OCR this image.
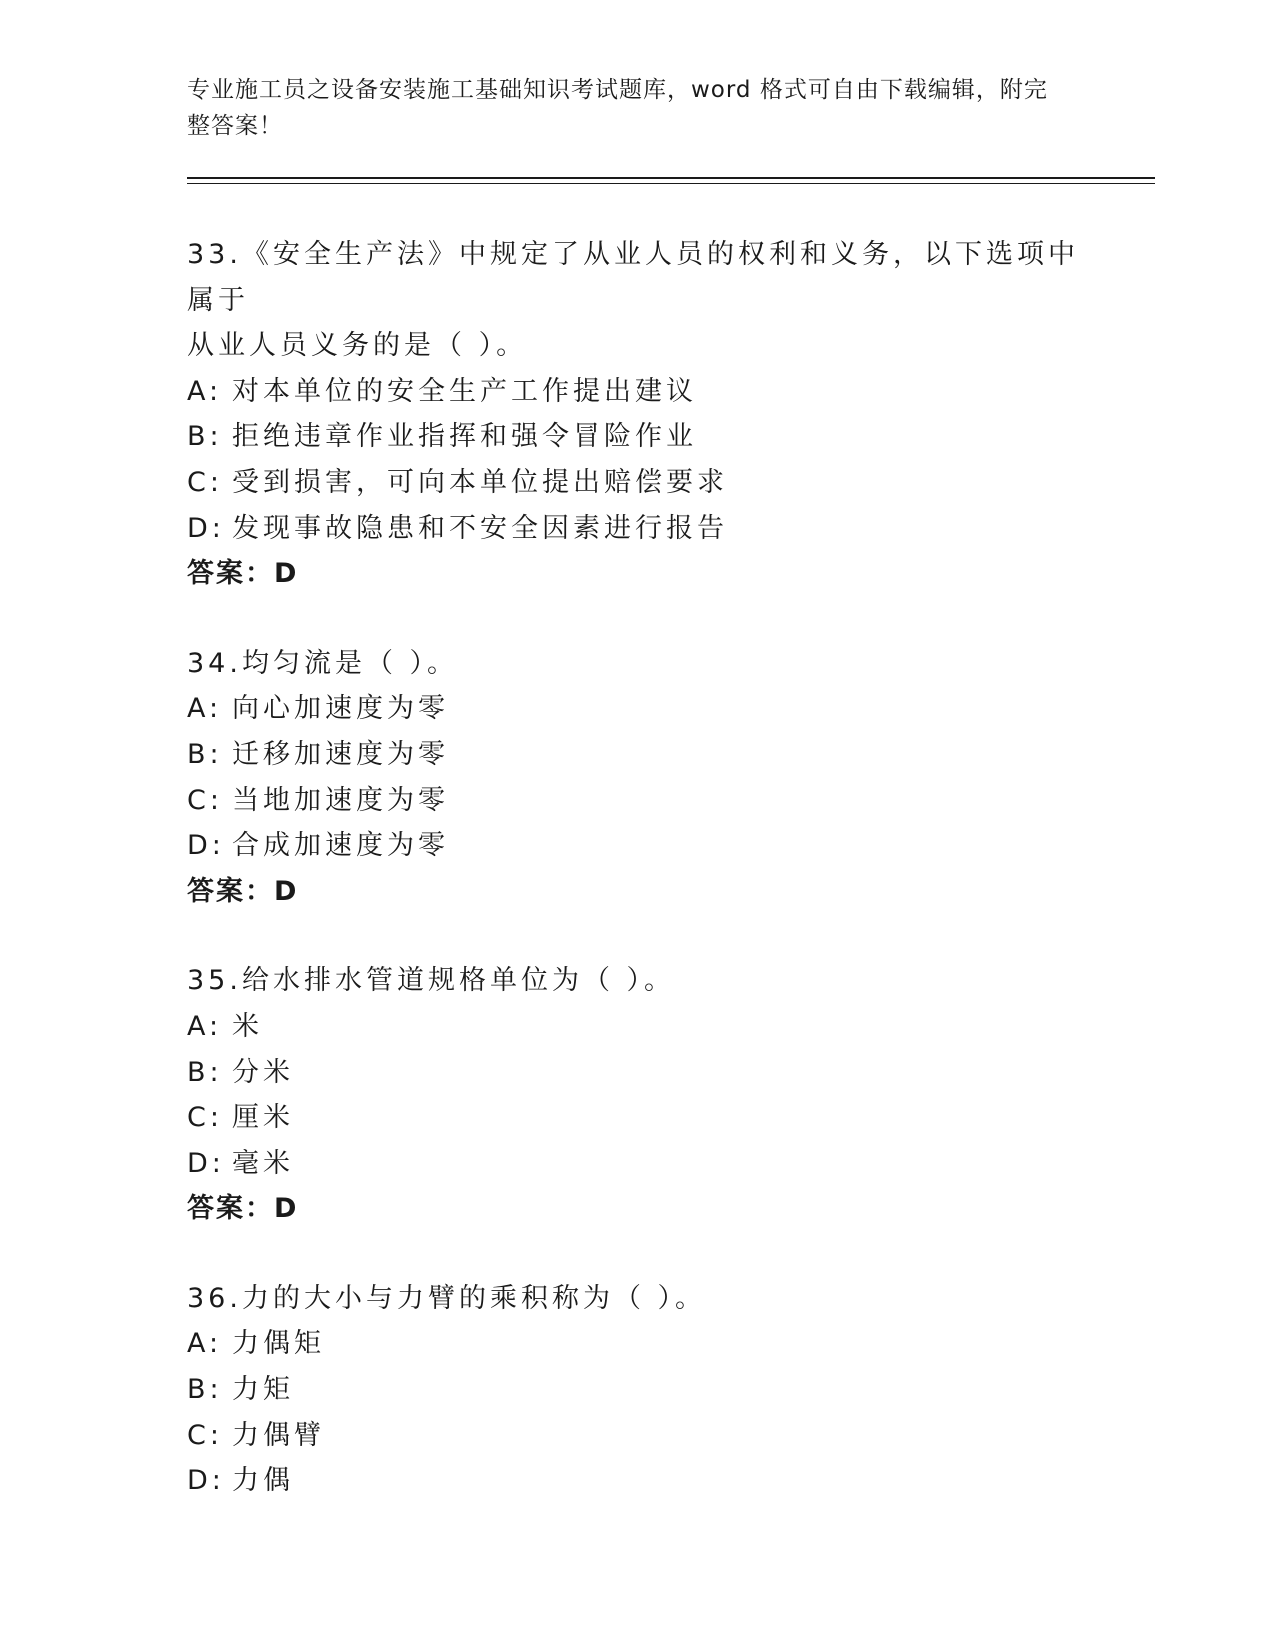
专业施工员之设备安装施工基础知识考试题库，word 格式可自由下载编辑，附完整答案！
33.《安全生产法》中规定了从业人员的权利和义务，以下选项中属于
从业人员义务的是（ ）。
A: 对本单位的安全生产工作提出建议
B: 拒绝违章作业指挥和强令冒险作业
C: 受到损害，可向本单位提出赔偿要求
D: 发现事故隐患和不安全因素进行报告
答案：D
34.均匀流是（ ）。
A: 向心加速度为零
B: 迁移加速度为零
C: 当地加速度为零
D: 合成加速度为零
答案：D
35.给水排水管道规格单位为（ ）。
A: 米
B: 分米
C: 厘米
D: 毫米
答案：D
36.力的大小与力臂的乘积称为（ ）。
A: 力偶矩
B: 力矩
C: 力偶臂
D: 力偶
